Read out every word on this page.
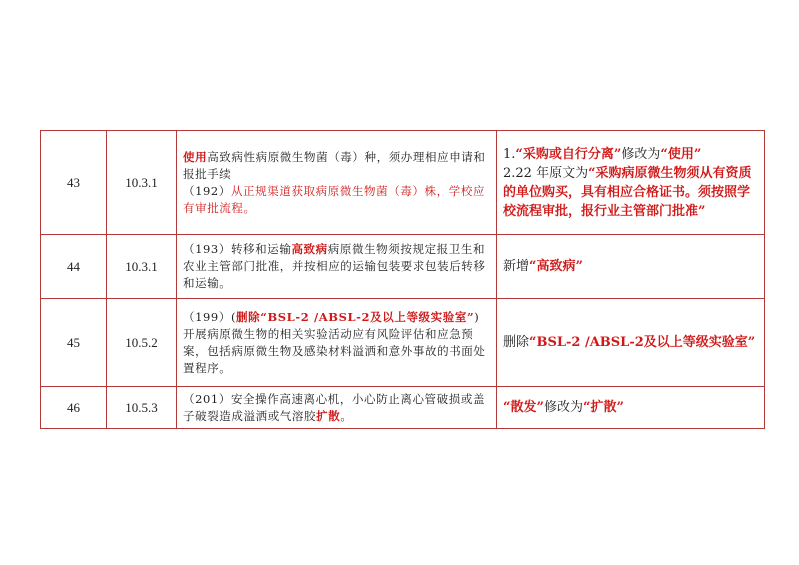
43	10.3.1	使用高致病性病原微生物菌（毒）种，须办理相应申请和报批手续
（192）从正规渠道获取病原微生物菌（毒）株，学校应有审批流程。	1.“采购或自行分离”修改为“使用”
2.22 年原文为“采购病原微生物须从有资质的单位购买，具有相应合格证书。须按照学校流程审批，报行业主管部门批准”

44	10.3.1	（193）转移和运输高致病病原微生物须按规定报卫生和农业主管部门批准，并按相应的运输包装要求包装后转移和运输。	新增“高致病”
45	10.5.2	（199）(删除“BSL-2 /ABSL-2及以上等级实验室”)开展病原微生物的相关实验活动应有风险评估和应急预案，包括病原微生物及感染材料溢洒和意外事故的书面处置程序。	删除“BSL-2 /ABSL-2及以上等级实验室”
46	10.5.3	（201）安全操作高速离心机，小心防止离心管破损或盖子破裂造成溢洒或气溶胶扩散。	“散发”修改为“扩散”
